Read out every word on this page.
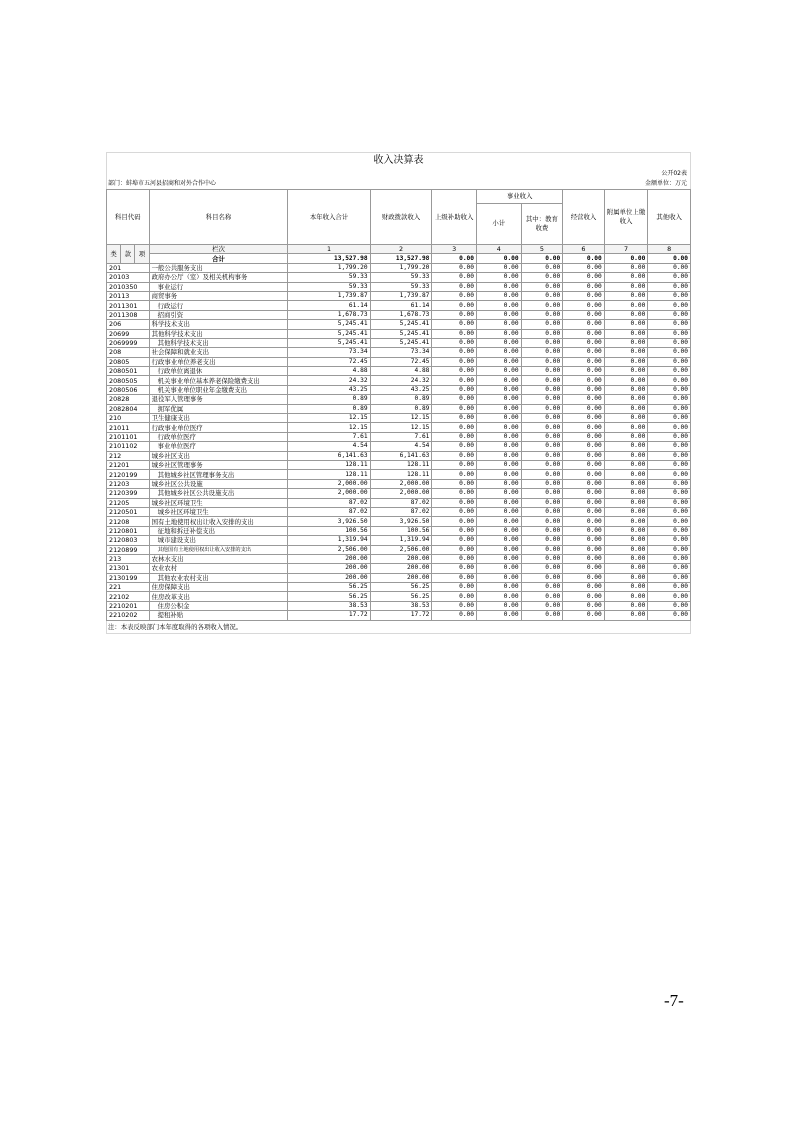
收入决算表
公开02表
部门：蚌埠市五河县招商和对外合作中心	金额单位：万元
科目代码			科目名称	本年收入合计	财政拨款收入	上级补助收入	事业收入		经营收入	附属单位上缴收入	其他收入
							小计	其中：教育收费			
类	款	项	栏次	1	2	3	4	5	6	7	8
			合计	13,527.98	13,527.98	0.00	0.00	0.00	0.00	0.00	0.00
201			一般公共服务支出	1,799.20	1,799.20	0.00	0.00	0.00	0.00	0.00	0.00
20103			政府办公厅（室）及相关机构事务	59.33	59.33	0.00	0.00	0.00	0.00	0.00	0.00
2010350			事业运行	59.33	59.33	0.00	0.00	0.00	0.00	0.00	0.00
20113			商贸事务	1,739.87	1,739.87	0.00	0.00	0.00	0.00	0.00	0.00
2011301			行政运行	61.14	61.14	0.00	0.00	0.00	0.00	0.00	0.00
2011308			招商引资	1,678.73	1,678.73	0.00	0.00	0.00	0.00	0.00	0.00
206			科学技术支出	5,245.41	5,245.41	0.00	0.00	0.00	0.00	0.00	0.00
20699			其他科学技术支出	5,245.41	5,245.41	0.00	0.00	0.00	0.00	0.00	0.00
2069999			其他科学技术支出	5,245.41	5,245.41	0.00	0.00	0.00	0.00	0.00	0.00
208			社会保障和就业支出	73.34	73.34	0.00	0.00	0.00	0.00	0.00	0.00
20805			行政事业单位养老支出	72.45	72.45	0.00	0.00	0.00	0.00	0.00	0.00
2080501			行政单位离退休	4.88	4.88	0.00	0.00	0.00	0.00	0.00	0.00
2080505			机关事业单位基本养老保险缴费支出	24.32	24.32	0.00	0.00	0.00	0.00	0.00	0.00
2080506			机关事业单位职业年金缴费支出	43.25	43.25	0.00	0.00	0.00	0.00	0.00	0.00
20828			退役军人管理事务	0.89	0.89	0.00	0.00	0.00	0.00	0.00	0.00
2082804			拥军优属	0.89	0.89	0.00	0.00	0.00	0.00	0.00	0.00
210			卫生健康支出	12.15	12.15	0.00	0.00	0.00	0.00	0.00	0.00
21011			行政事业单位医疗	12.15	12.15	0.00	0.00	0.00	0.00	0.00	0.00
2101101			行政单位医疗	7.61	7.61	0.00	0.00	0.00	0.00	0.00	0.00
2101102			事业单位医疗	4.54	4.54	0.00	0.00	0.00	0.00	0.00	0.00
212			城乡社区支出	6,141.63	6,141.63	0.00	0.00	0.00	0.00	0.00	0.00
21201			城乡社区管理事务	128.11	128.11	0.00	0.00	0.00	0.00	0.00	0.00
2120199			其他城乡社区管理事务支出	128.11	128.11	0.00	0.00	0.00	0.00	0.00	0.00
21203			城乡社区公共设施	2,000.00	2,000.00	0.00	0.00	0.00	0.00	0.00	0.00
2120399			其他城乡社区公共设施支出	2,000.00	2,000.00	0.00	0.00	0.00	0.00	0.00	0.00
21205			城乡社区环境卫生	87.02	87.02	0.00	0.00	0.00	0.00	0.00	0.00
2120501			城乡社区环境卫生	87.02	87.02	0.00	0.00	0.00	0.00	0.00	0.00
21208			国有土地使用权出让收入安排的支出	3,926.50	3,926.50	0.00	0.00	0.00	0.00	0.00	0.00
2120801			征地和拆迁补偿支出	100.56	100.56	0.00	0.00	0.00	0.00	0.00	0.00
2120803			城市建设支出	1,319.94	1,319.94	0.00	0.00	0.00	0.00	0.00	0.00
2120899			其他国有土地使用权出让收入安排的支出	2,506.00	2,506.00	0.00	0.00	0.00	0.00	0.00	0.00
213			农林水支出	200.00	200.00	0.00	0.00	0.00	0.00	0.00	0.00
21301			农业农村	200.00	200.00	0.00	0.00	0.00	0.00	0.00	0.00
2130199			其他农业农村支出	200.00	200.00	0.00	0.00	0.00	0.00	0.00	0.00
221			住房保障支出	56.25	56.25	0.00	0.00	0.00	0.00	0.00	0.00
22102			住房改革支出	56.25	56.25	0.00	0.00	0.00	0.00	0.00	0.00
2210201			住房公积金	38.53	38.53	0.00	0.00	0.00	0.00	0.00	0.00
2210202			提租补贴	17.72	17.72	0.00	0.00	0.00	0.00	0.00	0.00
注：本表反映部门本年度取得的各项收入情况。
-7-
